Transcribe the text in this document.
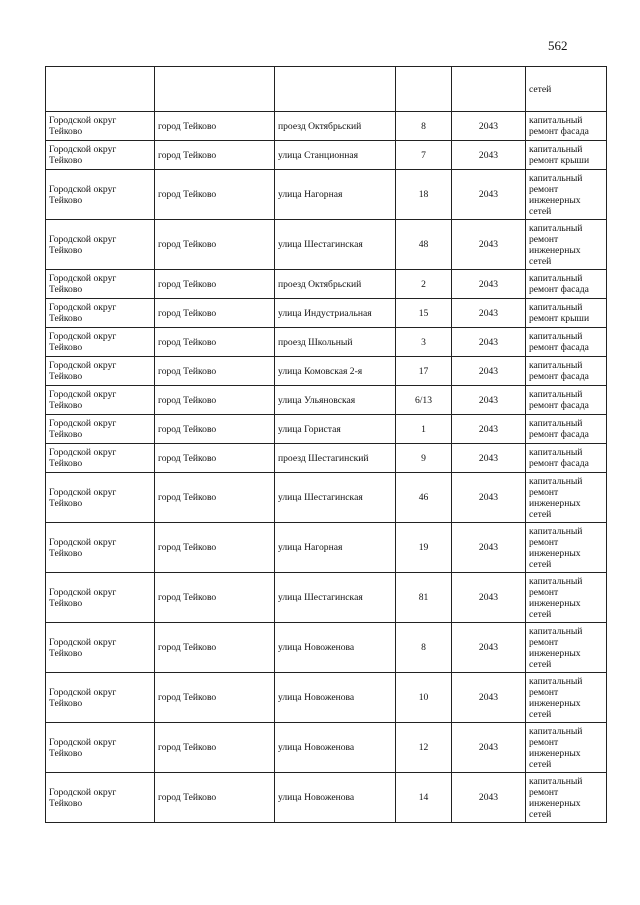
562
					сетей
Городской округ Тейково	город Тейково	проезд Октябрьский	8	2043	капитальный ремонт фасада
Городской округ Тейково	город Тейково	улица Станционная	7	2043	капитальный ремонт крыши
Городской округ Тейково	город Тейково	улица Нагорная	18	2043	капитальный ремонт инженерных сетей
Городской округ Тейково	город Тейково	улица Шестагинская	48	2043	капитальный ремонт инженерных сетей
Городской округ Тейково	город Тейково	проезд Октябрьский	2	2043	капитальный ремонт фасада
Городской округ Тейково	город Тейково	улица Индустриальная	15	2043	капитальный ремонт крыши
Городской округ Тейково	город Тейково	проезд Школьный	3	2043	капитальный ремонт фасада
Городской округ Тейково	город Тейково	улица Комовская 2-я	17	2043	капитальный ремонт фасада
Городской округ Тейково	город Тейково	улица Ульяновская	6/13	2043	капитальный ремонт фасада
Городской округ Тейково	город Тейково	улица Гористая	1	2043	капитальный ремонт фасада
Городской округ Тейково	город Тейково	проезд Шестагинский	9	2043	капитальный ремонт фасада
Городской округ Тейково	город Тейково	улица Шестагинская	46	2043	капитальный ремонт инженерных сетей
Городской округ Тейково	город Тейково	улица Нагорная	19	2043	капитальный ремонт инженерных сетей
Городской округ Тейково	город Тейково	улица Шестагинская	81	2043	капитальный ремонт инженерных сетей
Городской округ Тейково	город Тейково	улица Новоженова	8	2043	капитальный ремонт инженерных сетей
Городской округ Тейково	город Тейково	улица Новоженова	10	2043	капитальный ремонт инженерных сетей
Городской округ Тейково	город Тейково	улица Новоженова	12	2043	капитальный ремонт инженерных сетей
Городской округ Тейково	город Тейково	улица Новоженова	14	2043	капитальный ремонт инженерных сетей
